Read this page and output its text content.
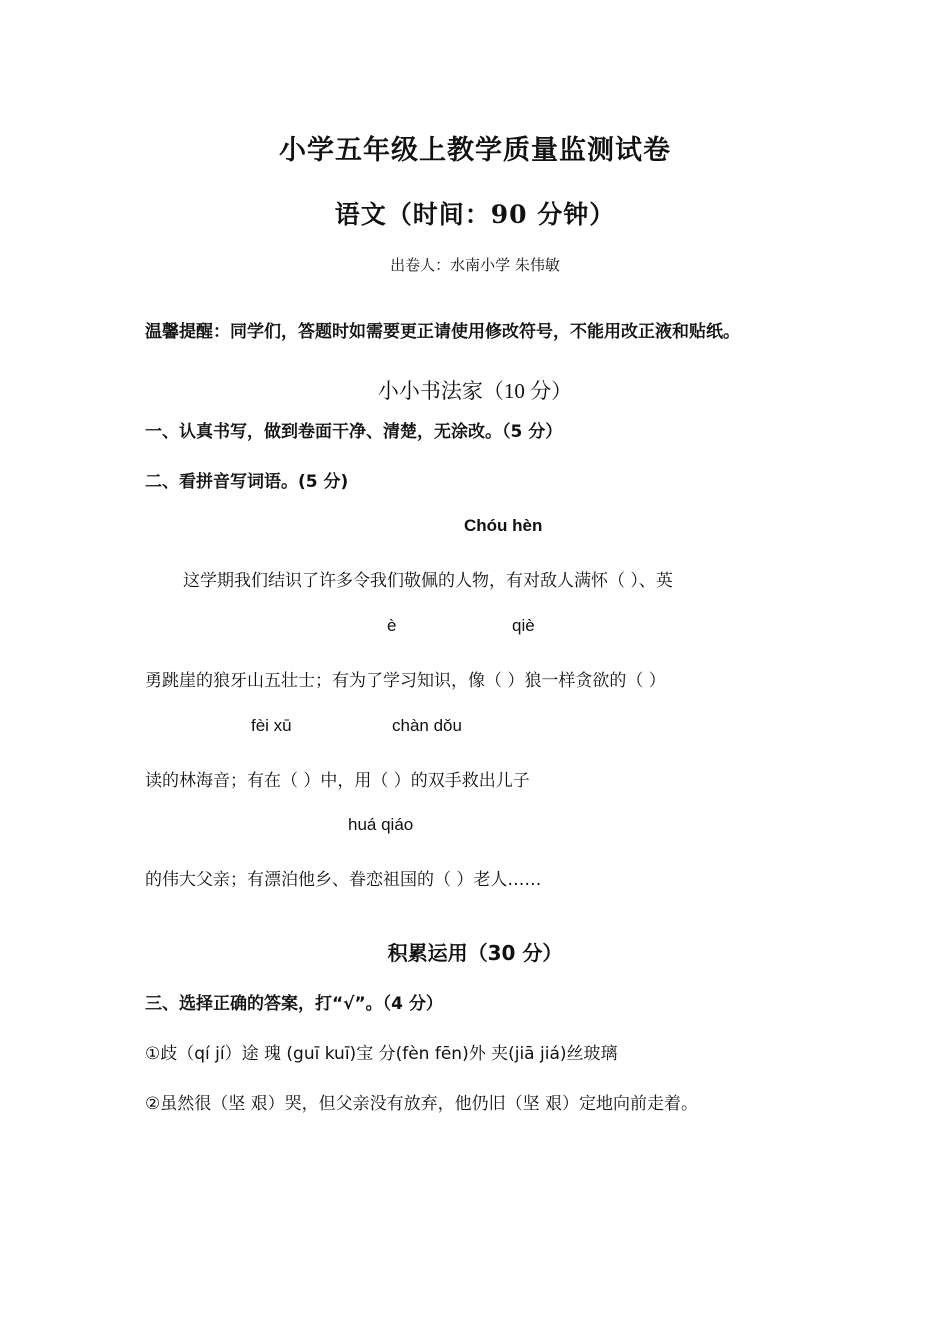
小学五年级上教学质量监测试卷
语文（时间：90 分钟）
出卷人：水南小学 朱伟敏
温馨提醒：同学们，答题时如需要更正请使用修改符号，不能用改正液和贴纸。
小小书法家（10 分）
一、认真书写，做到卷面干净、清楚，无涂改。（5 分）
二、看拼音写词语。(5 分)
Chóu hèn
这学期我们结识了许多令我们敬佩的人物，有对敌人满怀（ ）、英
è	qiè
勇跳崖的狼牙山五壮士；有为了学习知识，像（ ）狼一样贪欲的（ ）
fèi xū	chàn dǒu
读的林海音；有在（ ）中，用（ ）的双手救出儿子
huá qiáo
的伟大父亲；有漂泊他乡、眷恋祖国的（ ）老人……
积累运用（30 分）
三、选择正确的答案，打“√”。（4 分）
①歧（qí jí）途 瑰 (guī kuī)宝 分(fèn fēn)外 夹(jiā jiá)丝玻璃
②虽然很（坚 艰）哭，但父亲没有放弃，他仍旧（坚 艰）定地向前走着。
